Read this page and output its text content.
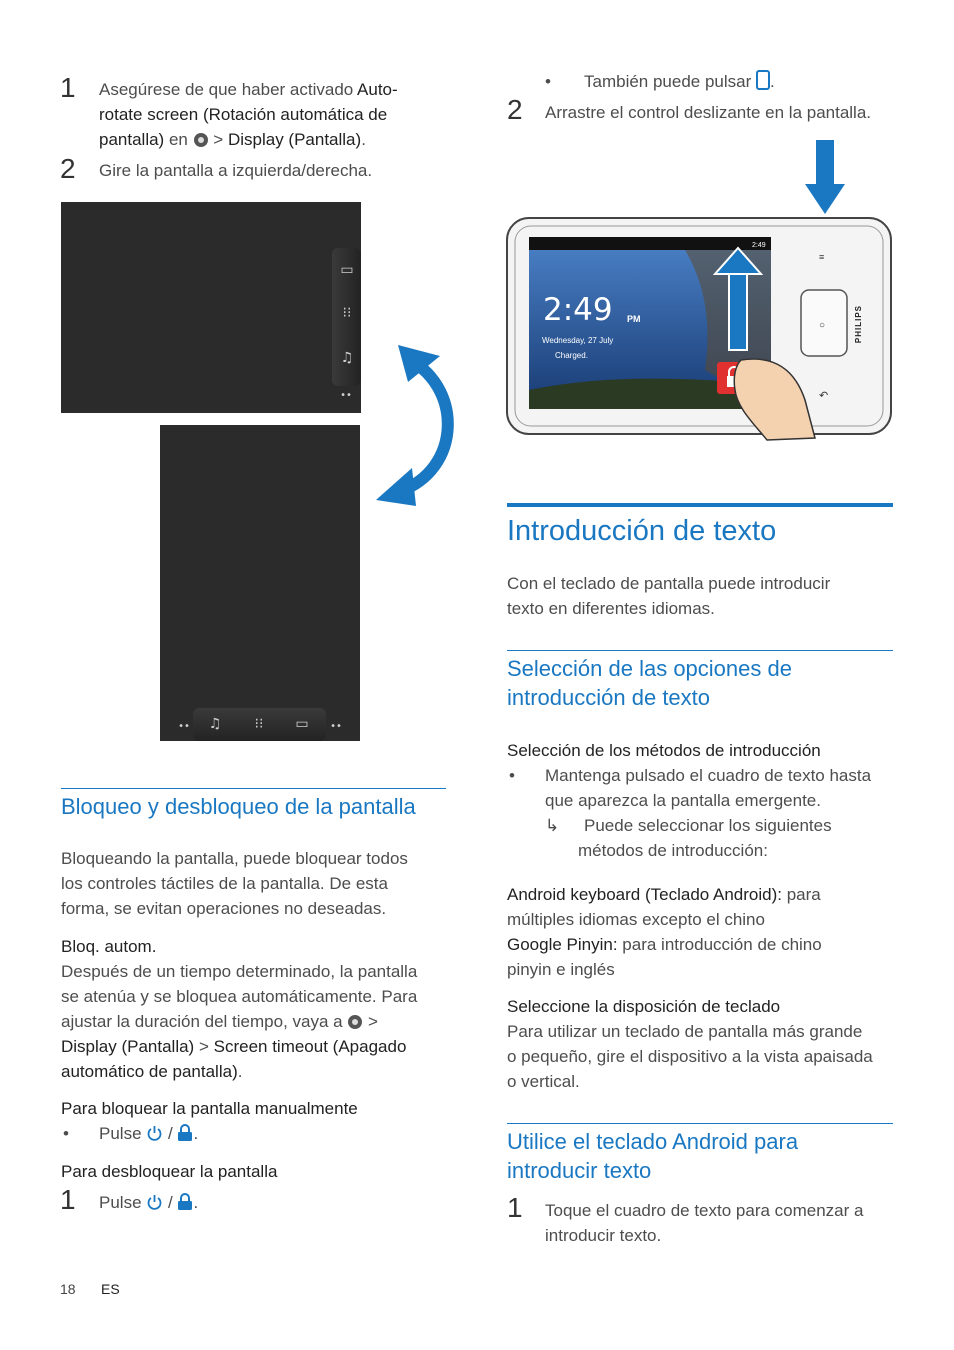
1 Asegúrese de que haber activado Auto-
rotate screen (Rotación automática de
pantalla) en  > Display (Pantalla).
2 Gire la pantalla a izquierda/derecha.
▭
⁝⁝
♫
••
•• ♫	⁝⁝	▭	••
Bloqueo y desbloqueo de la pantalla
Bloqueando la pantalla, puede bloquear todos
los controles táctiles de la pantalla. De esta
forma, se evitan operaciones no deseadas.
Bloq. autom.
Después de un tiempo determinado, la pantalla
se atenúa y se bloquea automáticamente. Para
ajustar la duración del tiempo, vaya a  >
Display (Pantalla) > Screen timeout (Apagado
automático de pantalla).
Para bloquear la pantalla manualmente
• Pulse  / .
Para desbloquear la pantalla
1 Pulse  / .
18 ES
• También puede pulsar .
2 Arrastre el control deslizante en la pantalla.
2:49 PM
Wednesday, 27 July
Charged.
2:49
PHILIPS
≡
○
↶
Introducción de texto
Con el teclado de pantalla puede introducir
texto en diferentes idiomas.
Selección de las opciones de
introducción de texto
Selección de los métodos de introducción
• Mantenga pulsado el cuadro de texto hasta
que aparezca la pantalla emergente.
↳	Puede seleccionar los siguientes
métodos de introducción:
Android keyboard (Teclado Android): para
múltiples idiomas excepto el chino
Google Pinyin: para introducción de chino
pinyin e inglés
Seleccione la disposición de teclado
Para utilizar un teclado de pantalla más grande
o pequeño, gire el dispositivo a la vista apaisada
o vertical.
Utilice el teclado Android para
introducir texto
1 Toque el cuadro de texto para comenzar a
introducir texto.
